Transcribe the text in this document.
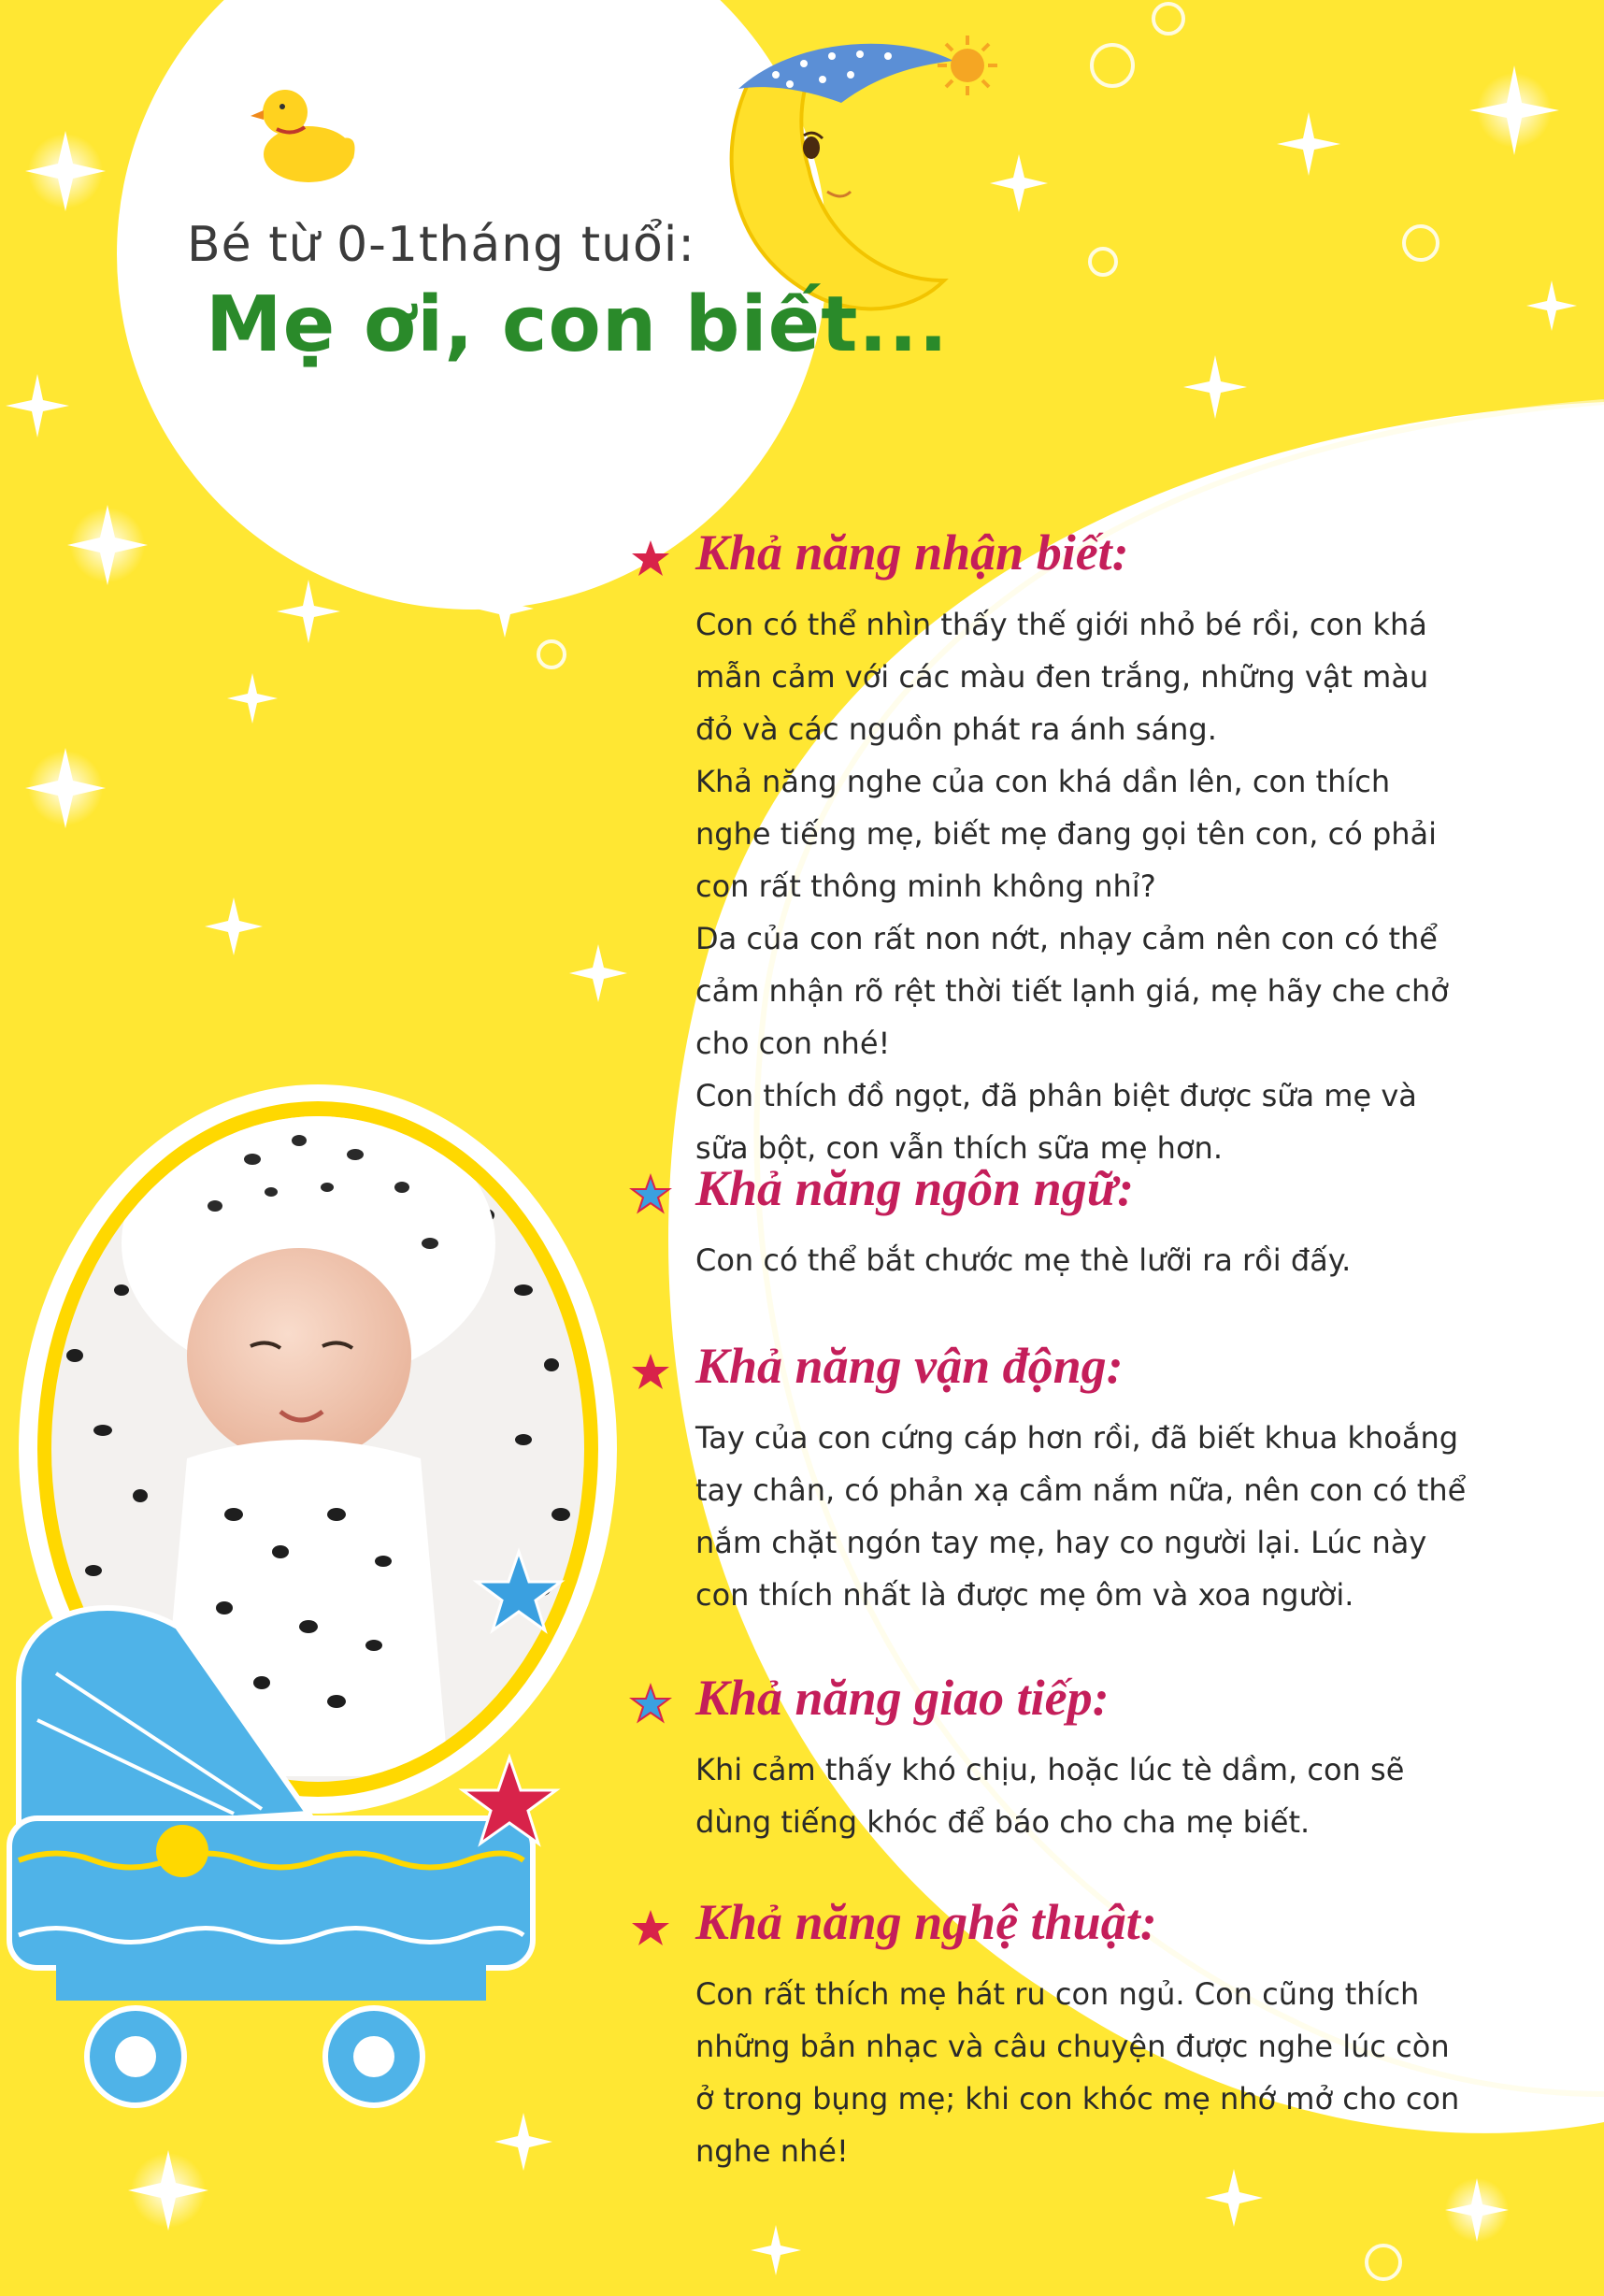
Bé từ 0-1tháng tuổi:
Mẹ ơi, con biết...
Khả năng nhận biết:

Con có thể nhìn thấy thế giới nhỏ bé rồi, con khá mẫn cảm với các màu đen trắng, những vật màu đỏ và các nguồn phát ra ánh sáng.

Khả năng nghe của con khá dần lên, con thích nghe tiếng mẹ, biết mẹ đang gọi tên con, có phải con rất thông minh không nhỉ?

Da của con rất non nớt, nhạy cảm nên con có thể cảm nhận rõ rệt thời tiết lạnh giá, mẹ hãy che chở cho con nhé!

Con thích đồ ngọt, đã phân biệt được sữa mẹ và sữa bột, con vẫn thích sữa mẹ hơn.

Khả năng ngôn ngữ:

Con có thể bắt chước mẹ thè lưỡi ra rồi đấy.

Khả năng vận động:

Tay của con cứng cáp hơn rồi, đã biết khua khoắng tay chân, có phản xạ cầm nắm nữa, nên con có thể nắm chặt ngón tay mẹ, hay co người lại. Lúc này con thích nhất là được mẹ ôm và xoa người.

Khả năng giao tiếp:

Khi cảm thấy khó chịu, hoặc lúc tè dầm, con sẽ dùng tiếng khóc để báo cho cha mẹ biết.

Khả năng nghệ thuật:

Con rất thích mẹ hát ru con ngủ. Con cũng thích những bản nhạc và câu chuyện được nghe lúc còn ở trong bụng mẹ; khi con khóc mẹ nhớ mở cho con nghe nhé!
